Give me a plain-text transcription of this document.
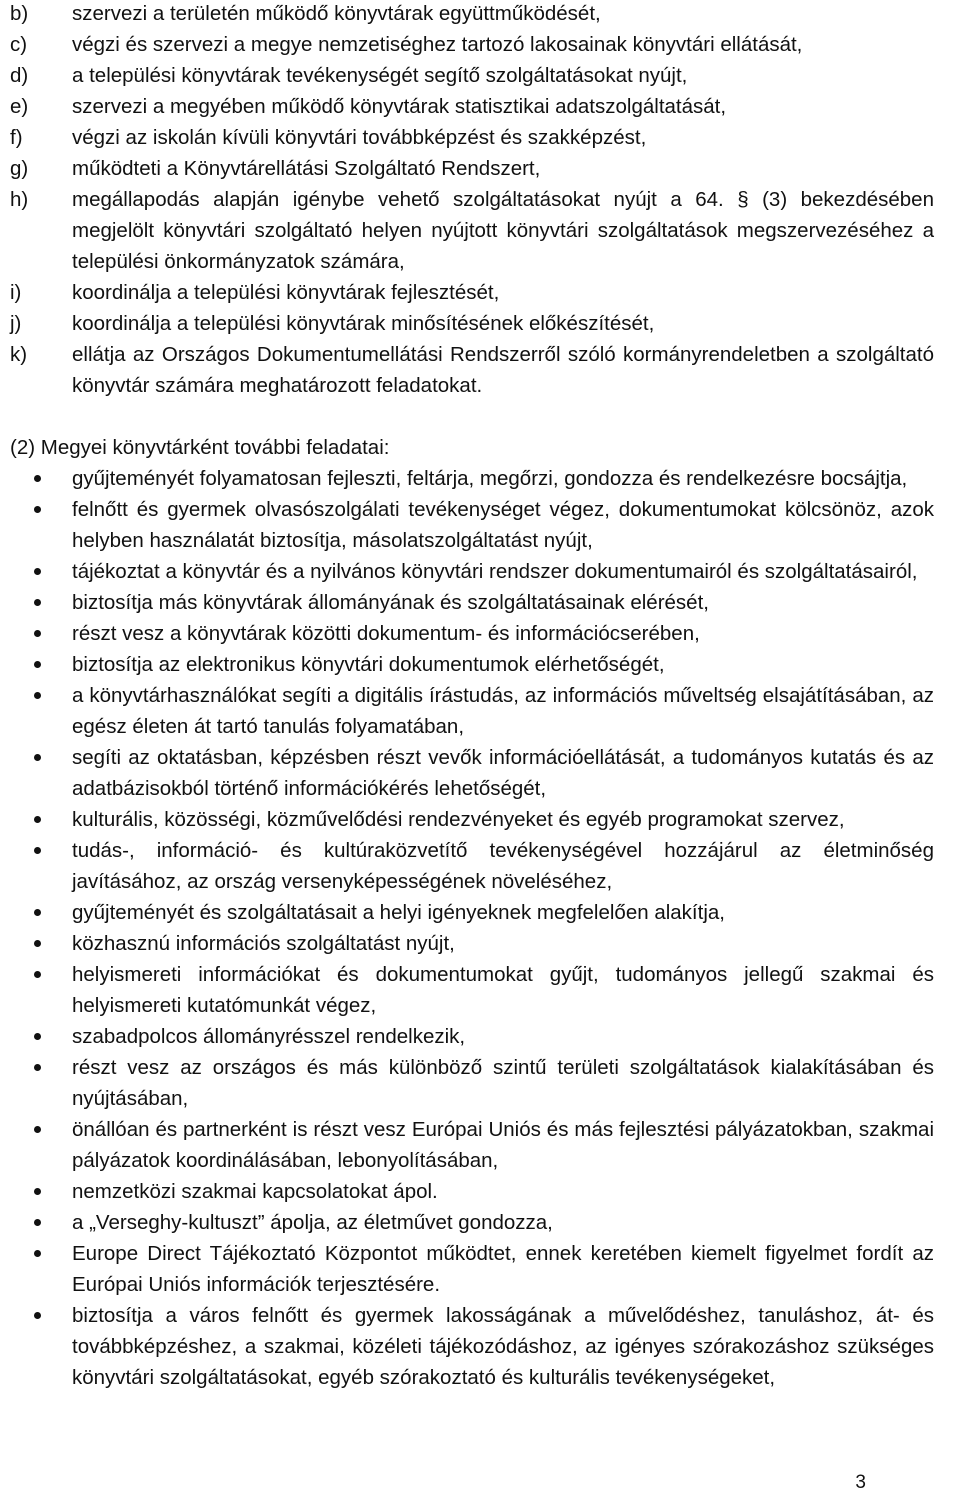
b)	szervezi a területén működő könyvtárak együttműködését,
c)	végzi és szervezi a megye nemzetiséghez tartozó lakosainak könyvtári ellátását,
d)	a települési könyvtárak tevékenységét segítő szolgáltatásokat nyújt,
e)	szervezi a megyében működő könyvtárak statisztikai adatszolgáltatását,
f)	végzi az iskolán kívüli könyvtári továbbképzést és szakképzést,
g)	működteti a Könyvtárellátási Szolgáltató Rendszert,
h)	megállapodás alapján igénybe vehető szolgáltatásokat nyújt a 64. § (3) bekezdésében megjelölt könyvtári szolgáltató helyen nyújtott könyvtári szolgáltatások megszervezéséhez a települési önkormányzatok számára,
i)	koordinálja a települési könyvtárak fejlesztését,
j)	koordinálja a települési könyvtárak minősítésének előkészítését,
k)	ellátja az Országos Dokumentumellátási Rendszerről szóló kormányrendeletben a szolgáltató könyvtár számára meghatározott feladatokat.
(2) Megyei könyvtárként további feladatai:
gyűjteményét folyamatosan fejleszti, feltárja, megőrzi, gondozza és rendelkezésre bocsájtja,
felnőtt és gyermek olvasószolgálati tevékenységet végez, dokumentumokat kölcsönöz, azok helyben használatát biztosítja, másolatszolgáltatást nyújt,
tájékoztat a könyvtár és a nyilvános könyvtári rendszer dokumentumairól és szolgáltatásairól,
biztosítja más könyvtárak állományának és szolgáltatásainak elérését,
részt vesz a könyvtárak közötti dokumentum- és információcserében,
biztosítja az elektronikus könyvtári dokumentumok elérhetőségét,
a könyvtárhasználókat segíti a digitális írástudás, az információs műveltség elsajátításában, az egész életen át tartó tanulás folyamatában,
segíti az oktatásban, képzésben részt vevők információellátását, a tudományos kutatás és az adatbázisokból történő információkérés lehetőségét,
kulturális, közösségi, közművelődési rendezvényeket és egyéb programokat szervez,
tudás-, információ- és kultúraközvetítő tevékenységével hozzájárul az életminőség javításához, az ország versenyképességének növeléséhez,
gyűjteményét és szolgáltatásait a helyi igényeknek megfelelően alakítja,
közhasznú információs szolgáltatást nyújt,
helyismereti információkat és dokumentumokat gyűjt, tudományos jellegű szakmai és helyismereti kutatómunkát végez,
szabadpolcos állományrésszel rendelkezik,
részt vesz az országos és más különböző szintű területi szolgáltatások kialakításában és nyújtásában,
önállóan és partnerként is részt vesz Európai Uniós és más fejlesztési pályázatokban, szakmai pályázatok koordinálásában, lebonyolításában,
nemzetközi szakmai kapcsolatokat ápol.
a „Verseghy-kultuszt” ápolja, az életművet gondozza,
Europe Direct Tájékoztató Központot működtet, ennek keretében kiemelt figyelmet fordít az Európai Uniós információk terjesztésére.
biztosítja a város felnőtt és gyermek lakosságának a művelődéshez, tanuláshoz, át- és továbbképzéshez, a szakmai, közéleti tájékozódáshoz, az igényes szórakozáshoz szükséges könyvtári szolgáltatásokat, egyéb szórakoztató és kulturális tevékenységeket,
3
